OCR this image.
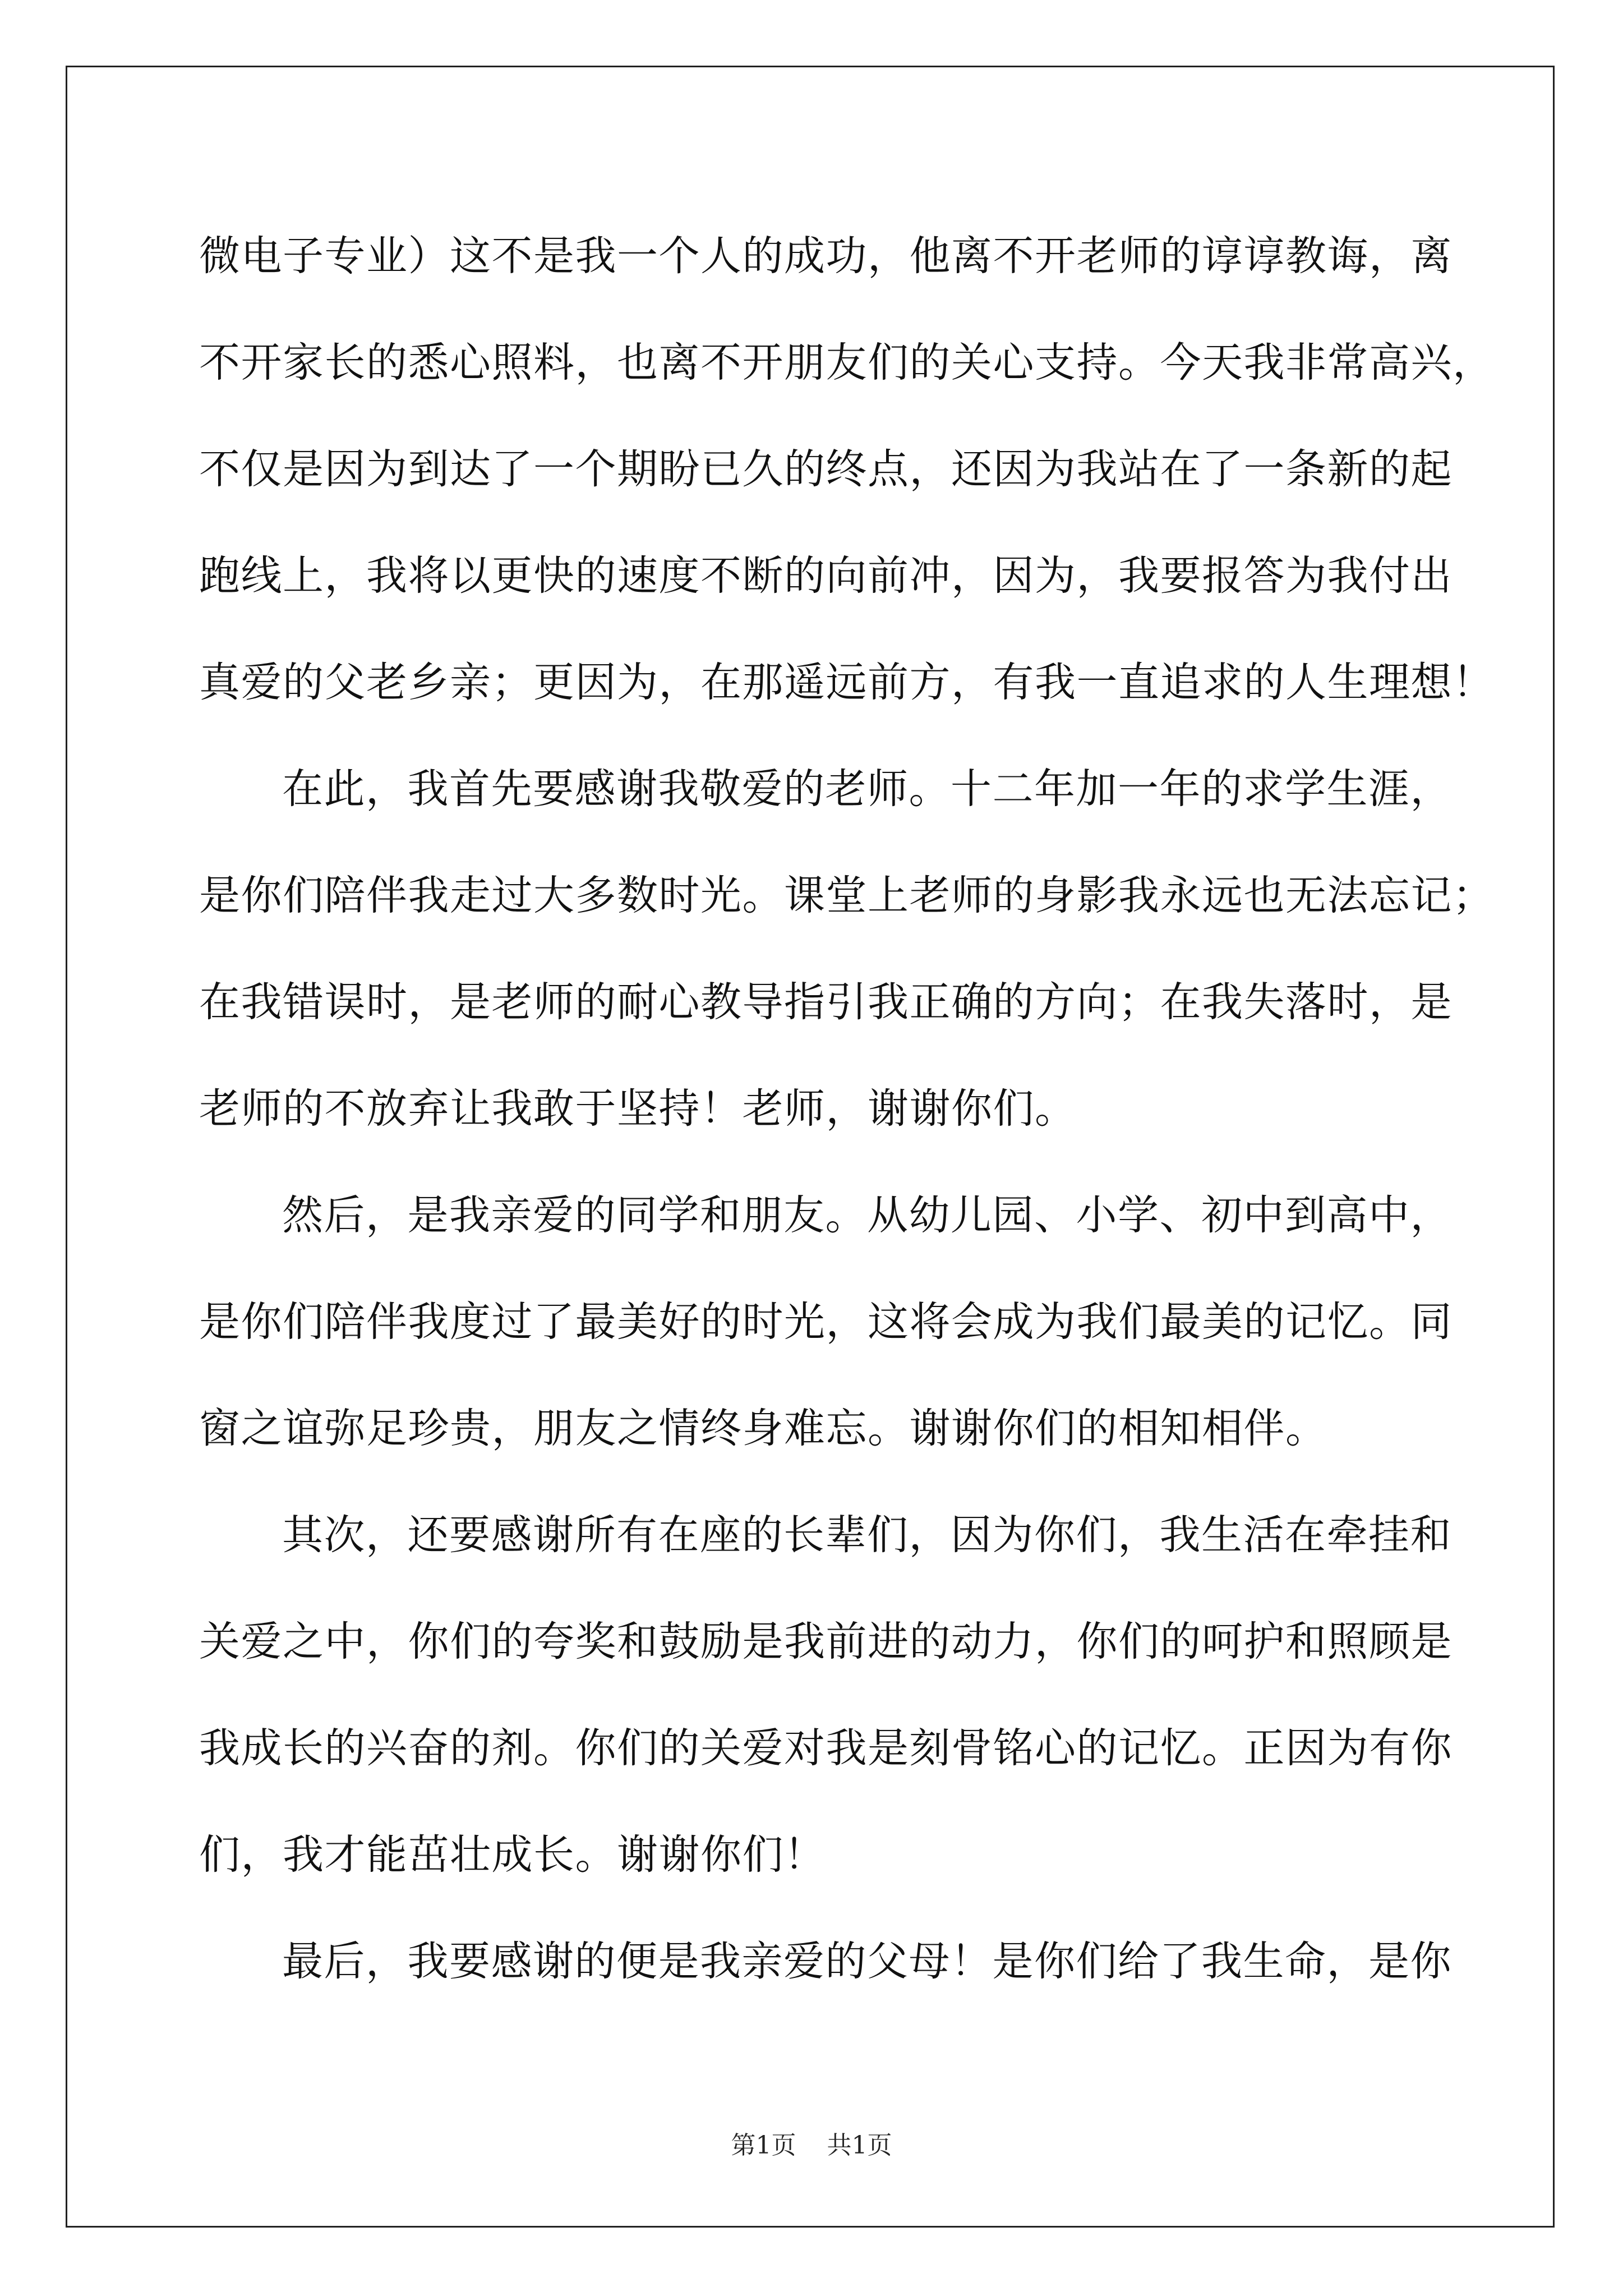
微电子专业）这不是我一个人的成功，他离不开老师的谆谆教诲，离
不开家长的悉心照料，也离不开朋友们的关心支持。今天我非常高兴，
不仅是因为到达了一个期盼已久的终点，还因为我站在了一条新的起
跑线上，我将以更快的速度不断的向前冲，因为，我要报答为我付出
真爱的父老乡亲；更因为，在那遥远前方，有我一直追求的人生理想！
在此，我首先要感谢我敬爱的老师。十二年加一年的求学生涯，
是你们陪伴我走过大多数时光。课堂上老师的身影我永远也无法忘记；
在我错误时，是老师的耐心教导指引我正确的方向；在我失落时，是
老师的不放弃让我敢于坚持！老师，谢谢你们。
然后，是我亲爱的同学和朋友。从幼儿园、小学、初中到高中，
是你们陪伴我度过了最美好的时光，这将会成为我们最美的记忆。同
窗之谊弥足珍贵，朋友之情终身难忘。谢谢你们的相知相伴。
其次，还要感谢所有在座的长辈们，因为你们，我生活在牵挂和
关爱之中，你们的夸奖和鼓励是我前进的动力，你们的呵护和照顾是
我成长的兴奋的剂。你们的关爱对我是刻骨铭心的记忆。正因为有你
们，我才能茁壮成长。谢谢你们！
最后，我要感谢的便是我亲爱的父母！是你们给了我生命，是你
第1页 共1页
